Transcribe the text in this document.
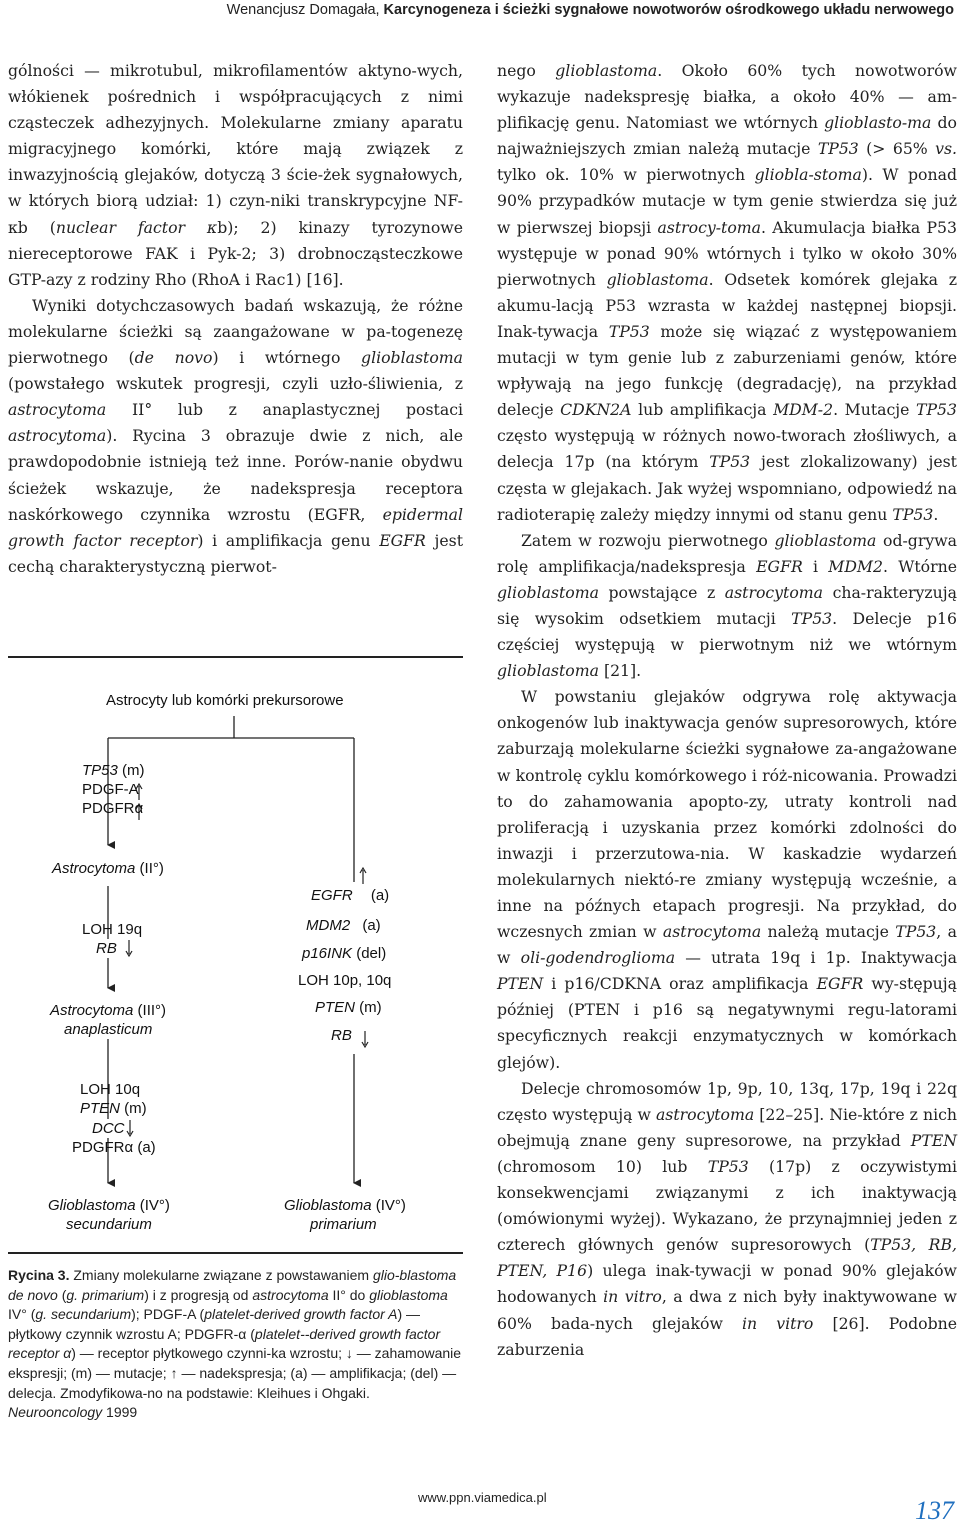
Wenancjusz Domagała, Karcynogeneza i ścieżki sygnałowe nowotworów ośrodkowego układu nerwowego

gólności — mikrotubul, mikrofilamentów aktyno-wych, włókienek pośrednich i współpracujących z nimi cząsteczek adhezyjnych. Molekularne zmiany aparatu migracyjnego komórki, które mają związek z inwazyjnością glejaków, dotyczą 3 ście-żek sygnałowych, w których biorą udział: 1) czyn-niki transkrypcyjne NF-κb (nuclear factor κb); 2) kinazy tyrozynowe niereceptorowe FAK i Pyk-2; 3) drobnocząsteczkowe GTP-azy z rodziny Rho (RhoA i Rac1) [16].

Wyniki dotychczasowych badań wskazują, że różne molekularne ścieżki są zaangażowane w pa-togenezę pierwotnego (de novo) i wtórnego glioblastoma (powstałego wskutek progresji, czyli uzło-śliwienia, z astrocytoma II° lub z anaplastycznej postaci astrocytoma). Rycina 3 obrazuje dwie z nich, ale prawdopodobnie istnieją też inne. Porów-nanie obydwu ścieżek wskazuje, że nadekspresja receptora naskórkowego czynnika wzrostu (EGFR, epidermal growth factor receptor) i amplifikacja genu EGFR jest cechą charakterystyczną pierwot-

Astrocyty lub komórki prekursorowe
TP53 (m)
PDGF-A
PDGFRα
Astrocytoma (II°)
LOH 19q
RB
Astrocytoma (III°)
anaplasticum
LOH 10q
PTEN (m)
DCC
PDGFRα (a)
Glioblastoma (IV°)
secundarium
EGFR (a)
MDM2 (a)
p16INK (del)
LOH 10p, 10q
PTEN (m)
RB
Glioblastoma (IV°)
primarium
Rycina 3. Zmiany molekularne związane z powstawaniem glio-blastoma de novo (g. primarium) i z progresją od astrocytoma II° do glioblastoma IV° (g. secundarium); PDGF-A (platelet-derived growth factor A) — płytkowy czynnik wzrostu A; PDGFR-α (platelet--derived growth factor receptor α) — receptor płytkowego czynni-ka wzrostu; ↓ — zahamowanie ekspresji; (m) — mutacje; ↑ — nadekspresja; (a) — amplifikacja; (del) — delecja. Zmodyfikowa-no na podstawie: Kleihues i Ohgaki. Neurooncology 1999

nego glioblastoma. Około 60% tych nowotworów wykazuje nadekspresję białka, a około 40% — am-plifikację genu. Natomiast we wtórnych glioblasto-ma do najważniejszych zmian należą mutacje TP53 (> 65% vs. tylko ok. 10% w pierwotnych gliobla-stoma). W ponad 90% przypadków mutacje w tym genie stwierdza się już w pierwszej biopsji astrocy-toma. Akumulacja białka P53 występuje w ponad 90% wtórnych i tylko w około 30% pierwotnych glioblastoma. Odsetek komórek glejaka z akumu-lacją P53 wzrasta w każdej następnej biopsji. Inak-tywacja TP53 może się wiązać z występowaniem mutacji w tym genie lub z zaburzeniami genów, które wpływają na jego funkcję (degradację), na przykład delecje CDKN2A lub amplifikacja MDM-2. Mutacje TP53 często występują w różnych nowo-tworach złośliwych, a delecja 17p (na którym TP53 jest zlokalizowany) jest częsta w glejakach. Jak wyżej wspomniano, odpowiedź na radioterapię zależy między innymi od stanu genu TP53.

Zatem w rozwoju pierwotnego glioblastoma od-grywa rolę amplifikacja/nadekspresja EGFR i MDM2. Wtórne glioblastoma powstające z astrocytoma cha-rakteryzują się wysokim odsetkiem mutacji TP53. Delecje p16 częściej występują w pierwotnym niż we wtórnym glioblastoma [21].

W powstaniu glejaków odgrywa rolę aktywacja onkogenów lub inaktywacja genów supresorowych, które zaburzają molekularne ścieżki sygnałowe za-angażowane w kontrolę cyklu komórkowego i róż-nicowania. Prowadzi to do zahamowania apopto-zy, utraty kontroli nad proliferacją i uzyskania przez komórki zdolności do inwazji i przerzutowa-nia. W kaskadzie wydarzeń molekularnych niektó-re zmiany występują wcześnie, a inne na późnych etapach progresji. Na przykład, do wczesnych zmian w astrocytoma należą mutacje TP53, a w oli-godendroglioma — utrata 19q i 1p. Inaktywacja PTEN i p16/CDKNA oraz amplifikacja EGFR wy-stępują później (PTEN i p16 są negatywnymi regu-latorami specyficznych reakcji enzymatycznych w komórkach glejów).

Delecje chromosomów 1p, 9p, 10, 13q, 17p, 19q i 22q często występują w astrocytoma [22–25]. Nie-które z nich obejmują znane geny supresorowe, na przykład PTEN (chromosom 10) lub TP53 (17p) z oczywistymi konsekwencjami związanymi z ich inaktywacją (omówionymi wyżej). Wykazano, że przynajmniej jeden z czterech głównych genów supresorowych (TP53, RB, PTEN, P16) ulega inak-tywacji w ponad 90% glejaków hodowanych in vitro, a dwa z nich były inaktywowane w 60% bada-nych glejaków in vitro [26]. Podobne zaburzenia

www.ppn.viamedica.pl	137
